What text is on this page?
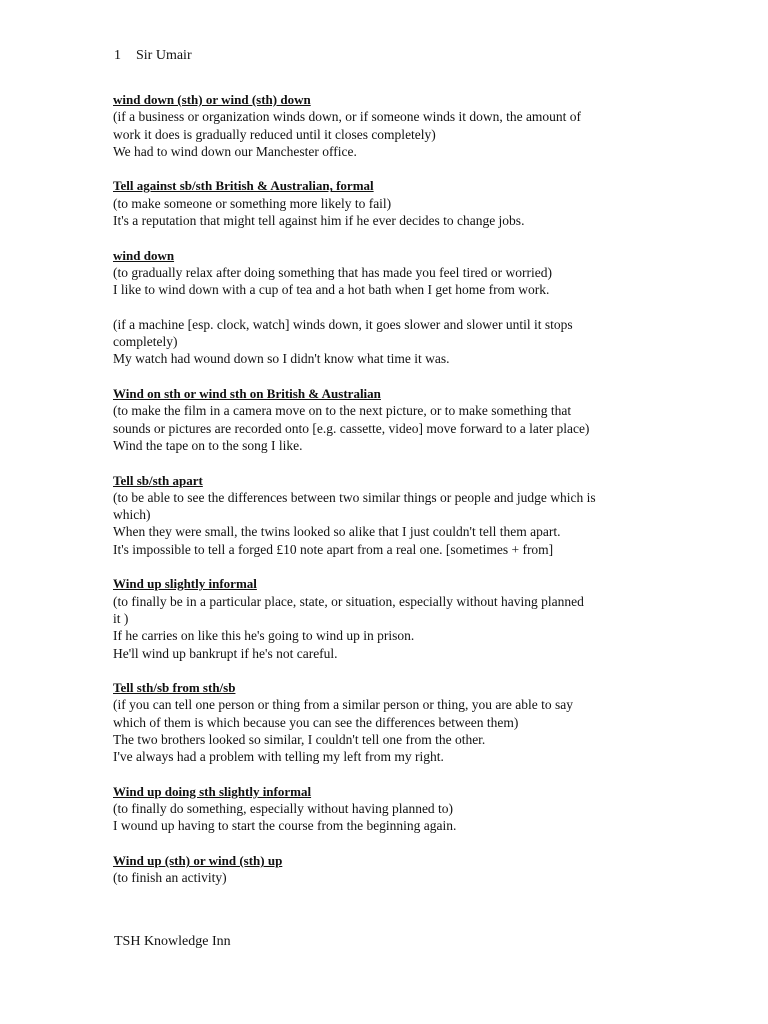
1 Sir Umair
wind down (sth) or wind (sth) down
(if a business or organization winds down, or if someone winds it down, the amount of
work it does is gradually reduced until it closes completely)
We had to wind down our Manchester office.
Tell against sb/sth British & Australian, formal
(to make someone or something more likely to fail)
It's a reputation that might tell against him if he ever decides to change jobs.
wind down
(to gradually relax after doing something that has made you feel tired or worried)
I like to wind down with a cup of tea and a hot bath when I get home from work.
(if a machine [esp. clock, watch] winds down, it goes slower and slower until it stops
completely)
My watch had wound down so I didn't know what time it was.
Wind on sth or wind sth on British & Australian
(to make the film in a camera move on to the next picture, or to make something that
sounds or pictures are recorded onto [e.g. cassette, video] move forward to a later place)
Wind the tape on to the song I like.
Tell sb/sth apart
(to be able to see the differences between two similar things or people and judge which is
which)
When they were small, the twins looked so alike that I just couldn't tell them apart.
It's impossible to tell a forged £10 note apart from a real one. [sometimes + from]
Wind up slightly informal
(to finally be in a particular place, state, or situation, especially without having planned
it )
If he carries on like this he's going to wind up in prison.
He'll wind up bankrupt if he's not careful.
Tell sth/sb from sth/sb
(if you can tell one person or thing from a similar person or thing, you are able to say
which of them is which because you can see the differences between them)
The two brothers looked so similar, I couldn't tell one from the other.
I've always had a problem with telling my left from my right.
Wind up doing sth slightly informal
(to finally do something, especially without having planned to)
I wound up having to start the course from the beginning again.
Wind up (sth) or wind (sth) up
(to finish an activity)
TSH Knowledge Inn
